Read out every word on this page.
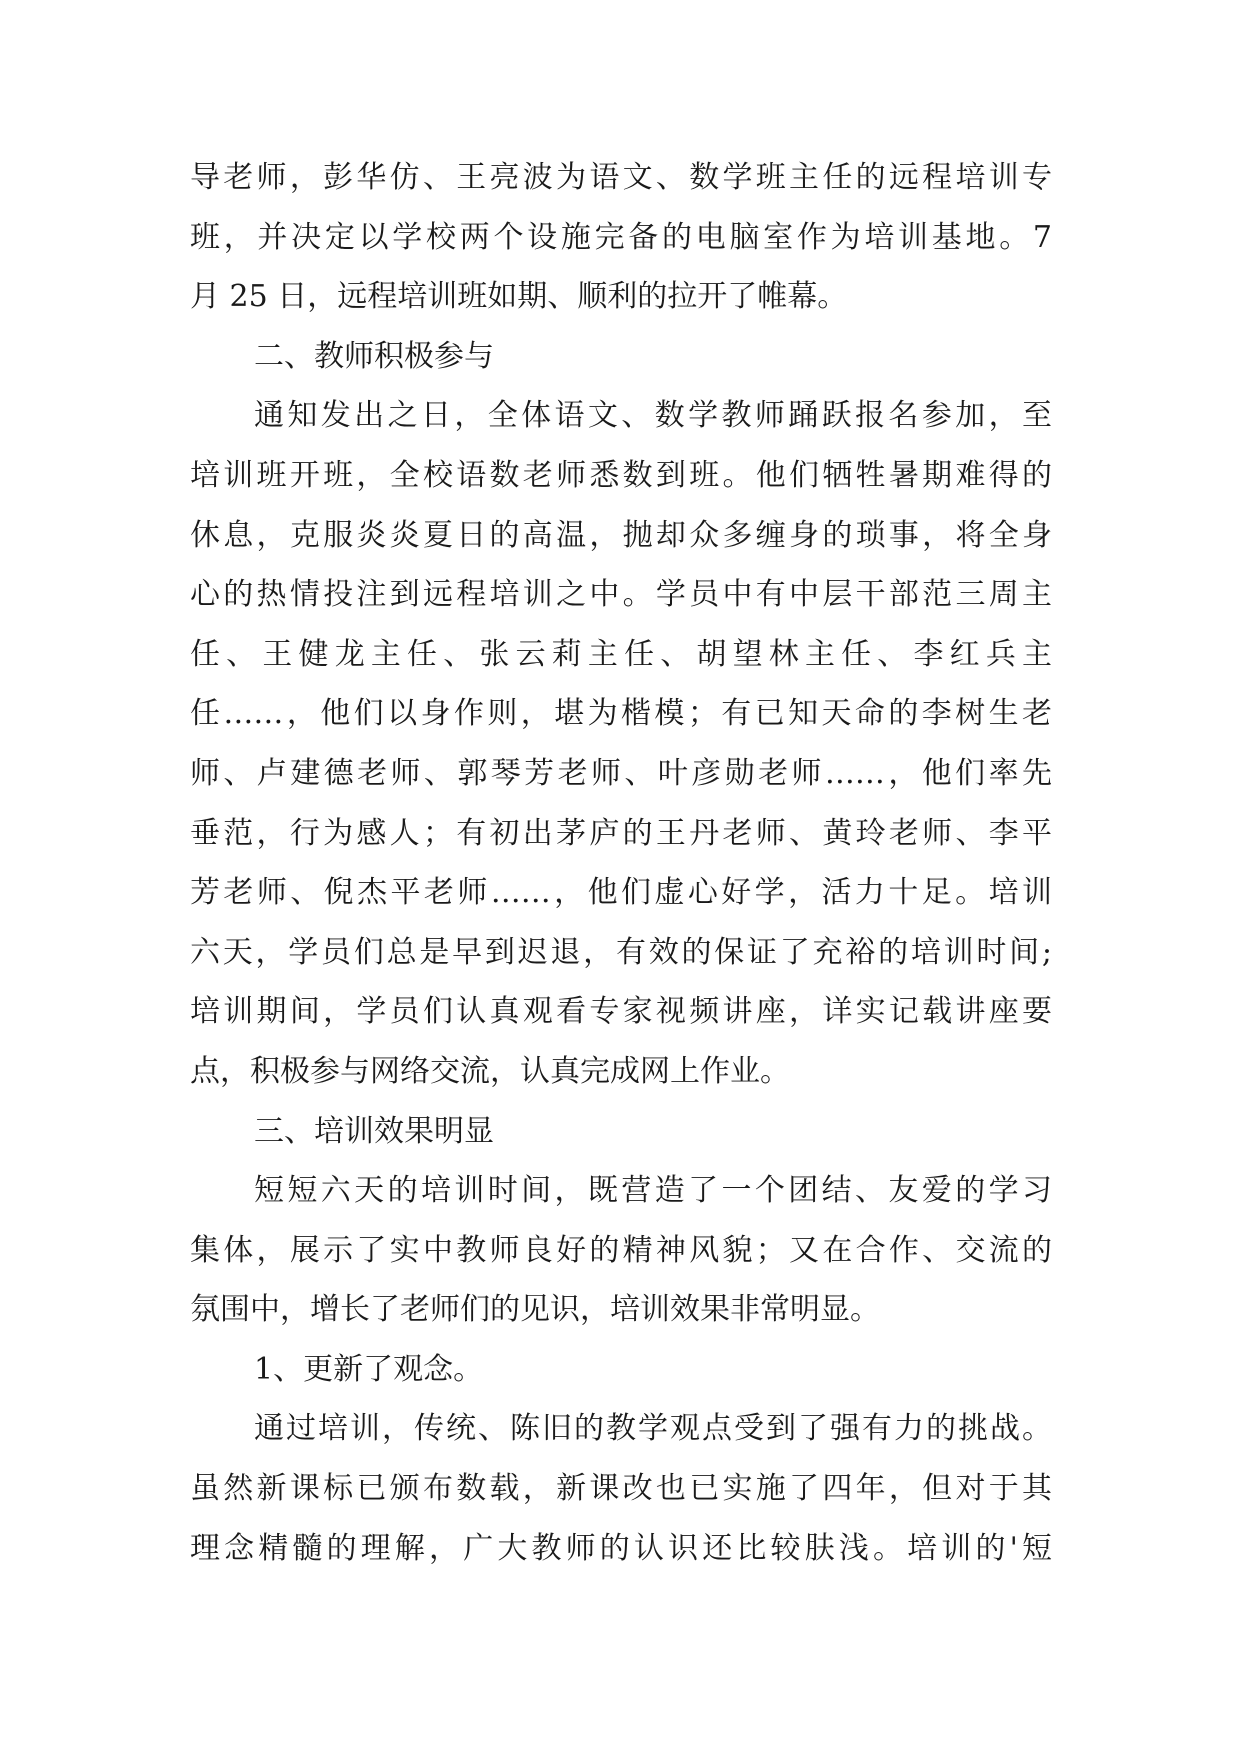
导老师，彭华仿、王亮波为语文、数学班主任的远程培训专
班，并决定以学校两个设施完备的电脑室作为培训基地。7
月 25 日，远程培训班如期、顺利的拉开了帷幕。
二、教师积极参与
通知发出之日，全体语文、数学教师踊跃报名参加，至
培训班开班，全校语数老师悉数到班。他们牺牲暑期难得的
休息，克服炎炎夏日的高温，抛却众多缠身的琐事，将全身
心的热情投注到远程培训之中。学员中有中层干部范三周主
任、王健龙主任、张云莉主任、胡望林主任、李红兵主
任……，他们以身作则，堪为楷模；有已知天命的李树生老
师、卢建德老师、郭琴芳老师、叶彦勋老师……，他们率先
垂范，行为感人；有初出茅庐的王丹老师、黄玲老师、李平
芳老师、倪杰平老师……，他们虚心好学，活力十足。培训
六天，学员们总是早到迟退，有效的保证了充裕的培训时间;
培训期间，学员们认真观看专家视频讲座，详实记载讲座要
点，积极参与网络交流，认真完成网上作业。
三、培训效果明显
短短六天的培训时间，既营造了一个团结、友爱的学习
集体，展示了实中教师良好的精神风貌；又在合作、交流的
氛围中，增长了老师们的见识，培训效果非常明显。
1、更新了观念。
通过培训，传统、陈旧的教学观点受到了强有力的挑战。
虽然新课标已颁布数载，新课改也已实施了四年，但对于其
理念精髓的理解，广大教师的认识还比较肤浅。培训的'短
